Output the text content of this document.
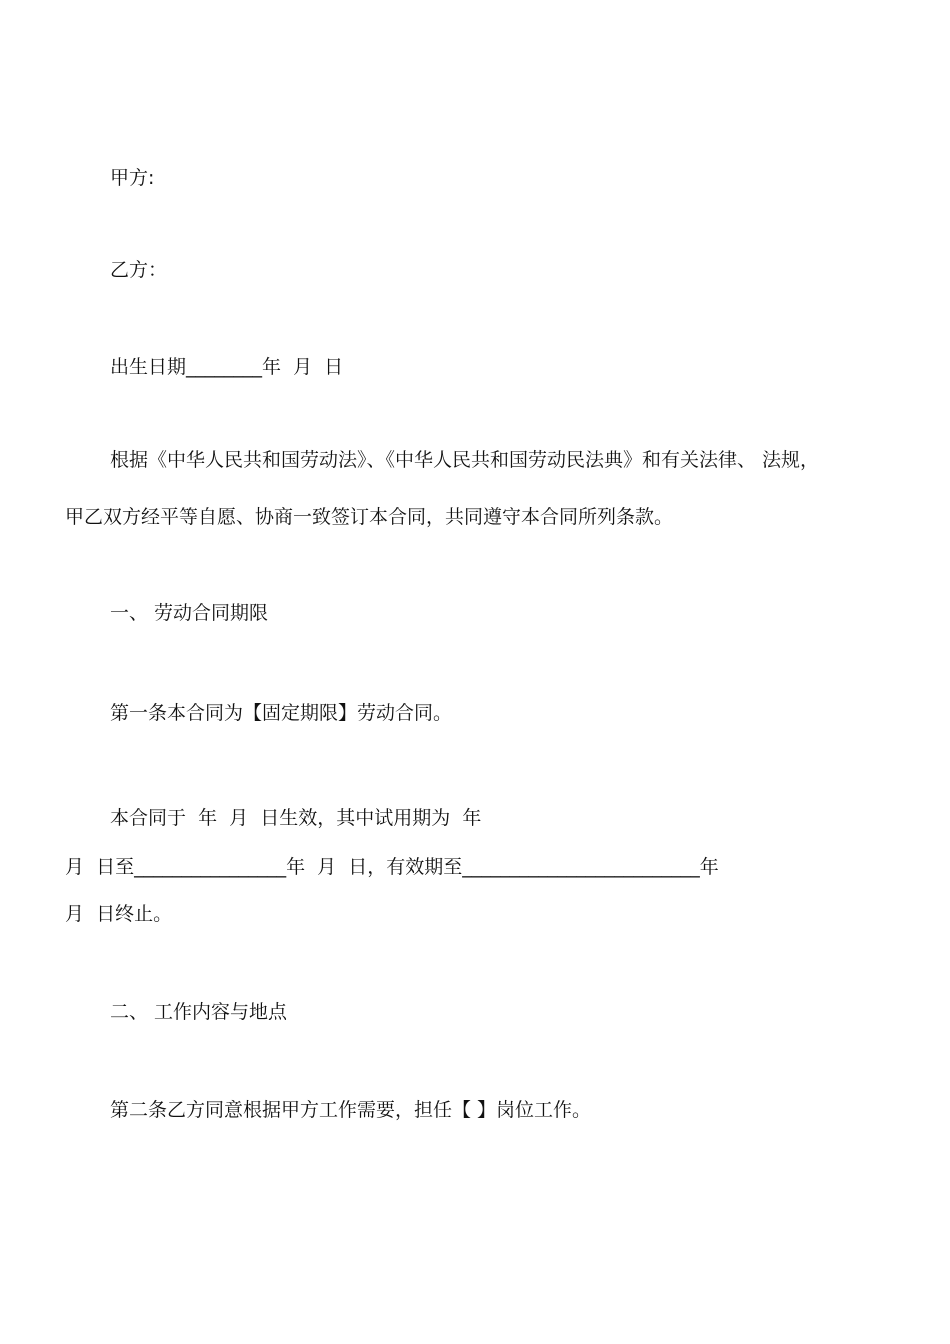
甲方:
乙方：
出生日期________年  月  日
根据《中华人民共和国劳动法》、《中华人民共和国劳动民法典》和有关法律、 法规，
甲乙双方经平等自愿、协商一致签订本合同，共同遵守本合同所列条款。
一、 劳动合同期限
第一条本合同为【固定期限】劳动合同。
本合同于  年  月  日生效，其中试用期为  年
月  日至________________年  月  日，有效期至_________________________年
月  日终止。
二、 工作内容与地点
第二条乙方同意根据甲方工作需要，担任【 】岗位工作。
